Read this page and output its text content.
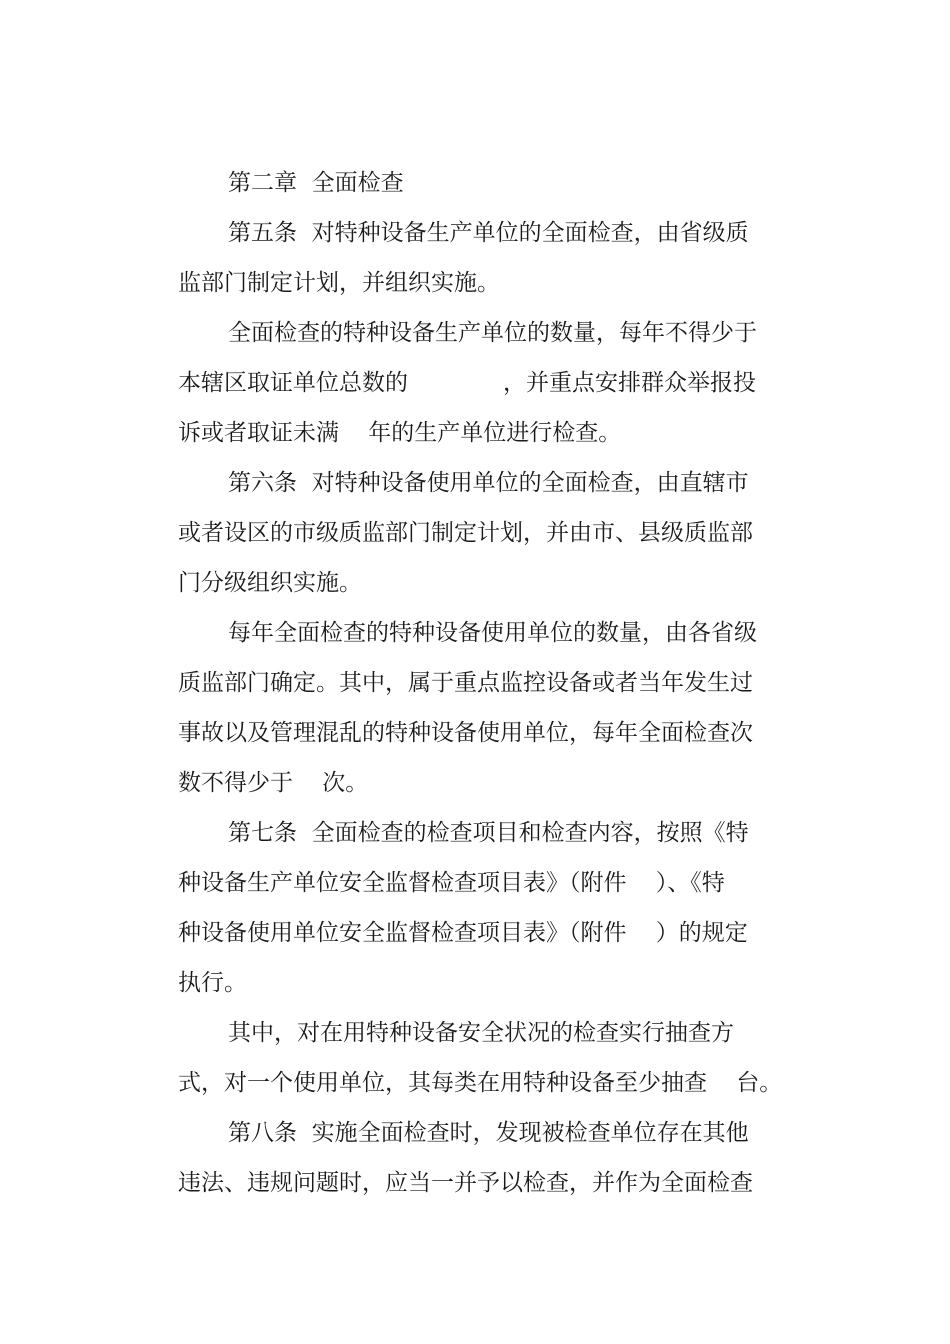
第二章  全面检查
第五条  对特种设备生产单位的全面检查，由省级质
监部门制定计划，并组织实施。
全面检查的特种设备生产单位的数量，每年不得少于
本辖区取证单位总数的             ，并重点安排群众举报投
诉或者取证未满    年的生产单位进行检查。
第六条  对特种设备使用单位的全面检查，由直辖市
或者设区的市级质监部门制定计划，并由市、县级质监部
门分级组织实施。
每年全面检查的特种设备使用单位的数量，由各省级
质监部门确定。其中，属于重点监控设备或者当年发生过
事故以及管理混乱的特种设备使用单位，每年全面检查次
数不得少于    次。
第七条  全面检查的检查项目和检查内容，按照《特
种设备生产单位安全监督检查项目表》（附件    ）、《特
种设备使用单位安全监督检查项目表》（附件    ）的规定
执行。
其中，对在用特种设备安全状况的检查实行抽查方
式，对一个使用单位，其每类在用特种设备至少抽查    台。
第八条  实施全面检查时，发现被检查单位存在其他
违法、违规问题时，应当一并予以检查，并作为全面检查
